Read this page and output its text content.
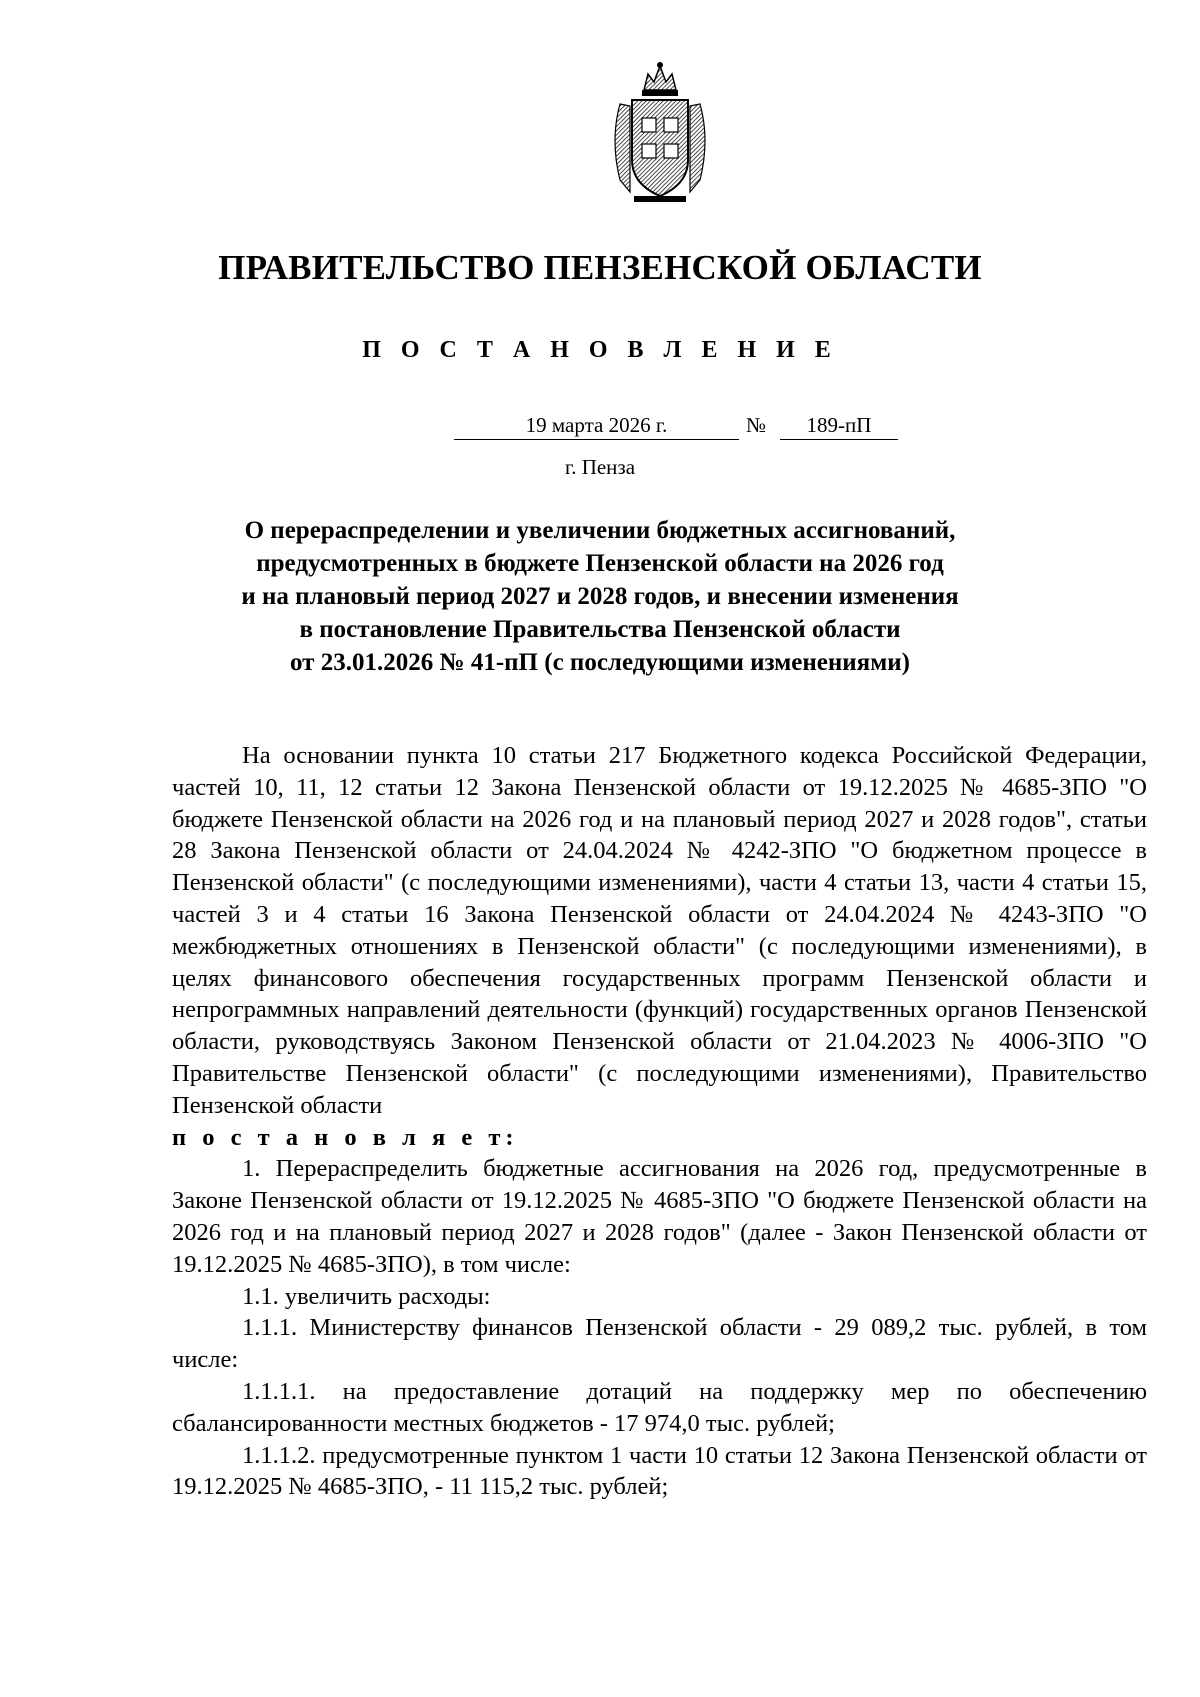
ПРАВИТЕЛЬСТВО ПЕНЗЕНСКОЙ ОБЛАСТИ
П О С Т А Н О В Л Е Н И Е
19 марта 2026 г.	№	189-пП

г. Пенза

О перераспределении и увеличении бюджетных ассигнований,
предусмотренных в бюджете Пензенской области на 2026 год
и на плановый период 2027 и 2028 годов, и внесении изменения
в постановление Правительства Пензенской области
от 23.01.2026 № 41-пП (с последующими изменениями)

На основании пункта 10 статьи 217 Бюджетного кодекса Российской Федерации, частей 10, 11, 12 статьи 12 Закона Пензенской области от 19.12.2025 № 4685-ЗПО "О бюджете Пензенской области на 2026 год и на плановый период 2027 и 2028 годов", статьи 28 Закона Пензенской области от 24.04.2024 № 4242-ЗПО "О бюджетном процессе в Пензенской области" (с последующими изменениями), части 4 статьи 13, части 4 статьи 15, частей 3 и 4 статьи 16 Закона Пензенской области от 24.04.2024 № 4243-ЗПО "О межбюджетных отношениях в Пензенской области" (с последующими изменениями), в целях финансового обеспечения государственных программ Пензенской области и непрограммных направлений деятельности (функций) государственных органов Пензенской области, руководствуясь Законом Пензенской области от 21.04.2023 № 4006-ЗПО "О Правительстве Пензенской области" (с последующими изменениями), Правительство Пензенской области

п о с т а н о в л я е т:

1. Перераспределить бюджетные ассигнования на 2026 год, предусмотренные в Законе Пензенской области от 19.12.2025 № 4685-ЗПО "О бюджете Пензенской области на 2026 год и на плановый период 2027 и 2028 годов" (далее - Закон Пензенской области от 19.12.2025 № 4685-ЗПО), в том числе:

1.1. увеличить расходы:

1.1.1. Министерству финансов Пензенской области - 29 089,2 тыс. рублей, в том числе:

1.1.1.1. на предоставление дотаций на поддержку мер по обеспечению сбалансированности местных бюджетов - 17 974,0 тыс. рублей;

1.1.1.2. предусмотренные пунктом 1 части 10 статьи 12 Закона Пензенской области от 19.12.2025 № 4685-ЗПО, - 11 115,2 тыс. рублей;
